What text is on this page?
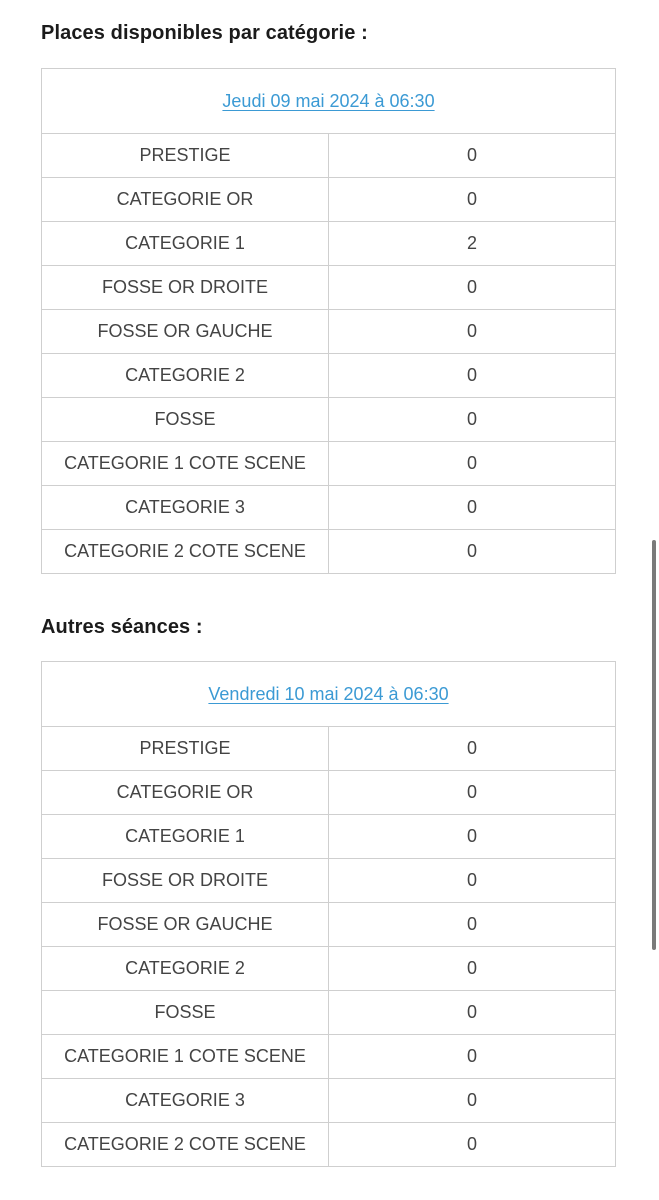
Places disponibles par catégorie :
Jeudi 09 mai 2024 à 06:30	
PRESTIGE	0
CATEGORIE OR	0
CATEGORIE 1	2
FOSSE OR DROITE	0
FOSSE OR GAUCHE	0
CATEGORIE 2	0
FOSSE	0
CATEGORIE 1 COTE SCENE	0
CATEGORIE 3	0
CATEGORIE 2 COTE SCENE	0
Autres séances :
Vendredi 10 mai 2024 à 06:30	
PRESTIGE	0
CATEGORIE OR	0
CATEGORIE 1	0
FOSSE OR DROITE	0
FOSSE OR GAUCHE	0
CATEGORIE 2	0
FOSSE	0
CATEGORIE 1 COTE SCENE	0
CATEGORIE 3	0
CATEGORIE 2 COTE SCENE	0
